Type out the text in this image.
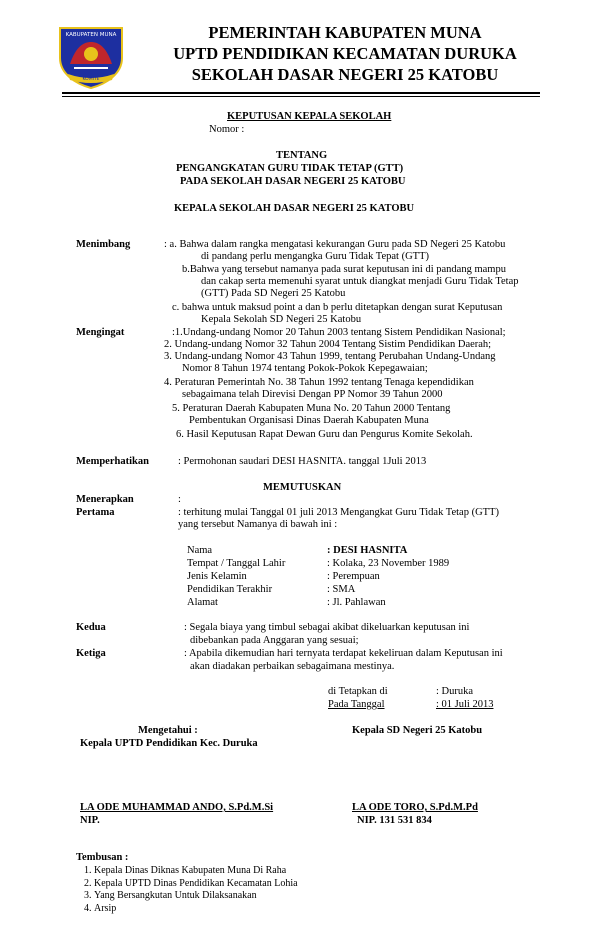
KABUPATEN MUNA
KOMITE
PEMERINTAH KABUPATEN MUNA
UPTD PENDIDIKAN KECAMATAN DURUKA
SEKOLAH DASAR NEGERI 25 KATOBU
KEPUTUSAN KEPALA SEKOLAH
Nomor :
TENTANG
PENGANGKATAN GURU TIDAK TETAP (GTT)
PADA SEKOLAH DASAR NEGERI 25 KATOBU
KEPALA SEKOLAH DASAR NEGERI 25 KATOBU
Menimbang	: a. Bahwa dalam rangka mengatasi kekurangan Guru pada SD Negeri 25 Katobu
di pandang perlu mengangka Guru Tidak Tepat (GTT)
b.Bahwa yang tersebut namanya pada surat keputusan ini di pandang mampu
dan cakap serta memenuhi syarat untuk diangkat menjadi Guru Tidak Tetap
(GTT) Pada SD Negeri 25 Katobu
c. bahwa untuk maksud point a dan b perlu ditetapkan dengan surat Keputusan
Kepala Sekolah SD Negeri 25 Katobu
Mengingat	:1.Undang-undang Nomor 20 Tahun 2003 tentang Sistem Pendidikan Nasional;
2. Undang-undang Nomor 32 Tahun 2004 Tentang Sistim Pendidikan Daerah;
3. Undang-undang Nomor 43 Tahun 1999, tentang Perubahan Undang-Undang
Nomor 8 Tahun 1974 tentang Pokok-Pokok Kepegawaian;
4. Peraturan Pemerintah No. 38 Tahun 1992 tentang Tenaga kependidikan
sebagaimana telah Direvisi Dengan PP Nomor 39 Tahun 2000
5. Peraturan Daerah Kabupaten Muna No. 20 Tahun 2000 Tentang
Pembentukan Organisasi Dinas Daerah Kabupaten Muna
6. Hasil Keputusan Rapat Dewan Guru dan Pengurus Komite Sekolah.
Memperhatikan	: Permohonan saudari DESI HASNITA. tanggal 1Juli 2013
MEMUTUSKAN
Menerapkan	:
Pertama	: terhitung mulai Tanggal 01 juli 2013 Mengangkat Guru Tidak Tetap (GTT)
yang tersebut Namanya di bawah ini :
Nama	: DESI HASNITA
Tempat / Tanggal Lahir	: Kolaka, 23 November 1989
Jenis Kelamin	: Perempuan
Pendidikan Terakhir	: SMA
Alamat	: Jl. Pahlawan
Kedua	: Segala biaya yang timbul sebagai akibat dikeluarkan keputusan ini
dibebankan pada Anggaran yang sesuai;
Ketiga	: Apabila dikemudian hari ternyata terdapat kekeliruan dalam Keputusan ini
akan diadakan perbaikan sebagaimana mestinya.
di Tetapkan di	: Duruka
Pada Tanggal	: 01 Juli 2013
Mengetahui :
Kepala UPTD Pendidikan Kec. Duruka
Kepala SD Negeri 25 Katobu
LA ODE MUHAMMAD ANDO, S.Pd.M.Si
NIP.
LA ODE TORO, S.Pd.M.Pd
NIP. 131 531 834
Tembusan :
1. Kepala Dinas Diknas Kabupaten Muna Di Raha
2. Kepala UPTD Dinas Pendidikan Kecamatan Lohia
3. Yang Bersangkutan Untuk Dilaksanakan
4. Arsip
